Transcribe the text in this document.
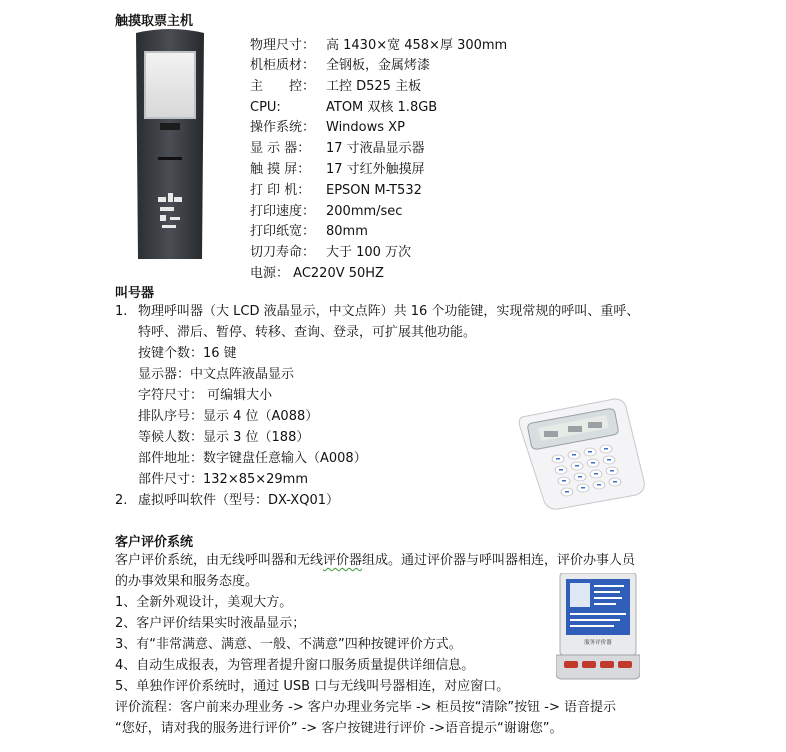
触摸取票主机
物理尺寸： 高 1430×宽 458×厚 300mm
机柜质材： 全钢板，金属烤漆
主　　控： 工控 D525 主板
CPU:	ATOM 双核 1.8GB
操作系统： Windows XP
显 示 器： 17 寸液晶显示器
触 摸 屏： 17 寸红外触摸屏
打 印 机： EPSON M-T532
打印速度： 200mm/sec
打印纸宽： 80mm
切刀寿命： 大于 100 万次
电源： AC220V 50HZ
叫号器
1. 物理呼叫器（大 LCD 液晶显示，中文点阵）共 16 个功能键，实现常规的呼叫、重呼、
特呼、滞后、暂停、转移、查询、登录，可扩展其他功能。
按键个数：16 键
显示器：中文点阵液晶显示
字符尺寸： 可编辑大小
排队序号：显示 4 位（A088）
等候人数：显示 3 位（188）
部件地址：数字键盘任意输入（A008）
部件尺寸：132×85×29mm
2. 虚拟呼叫软件（型号：DX-XQ01）
客户评价系统
客户评价系统，由无线呼叫器和无线评价器组成。通过评价器与呼叫器相连，评价办事人员
的办事效果和服务态度。
1、全新外观设计，美观大方。
2、客户评价结果实时液晶显示；
3、有“非常满意、满意、一般、不满意”四种按键评价方式。
4、自动生成报表，为管理者提升窗口服务质量提供详细信息。
5、单独作评价系统时，通过 USB 口与无线叫号器相连，对应窗口。
评价流程：客户前来办理业务 -> 客户办理业务完毕 -> 柜员按“清除”按钮 -> 语音提示
“您好，请对我的服务进行评价” -> 客户按键进行评价 ->语音提示“谢谢您”。
服务评价器
